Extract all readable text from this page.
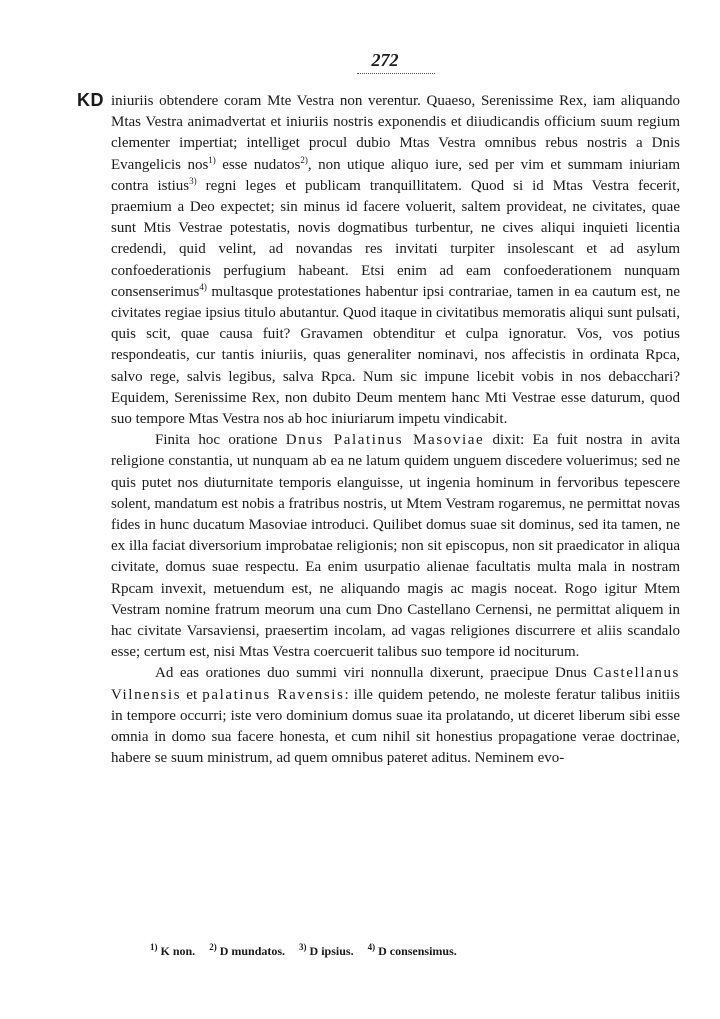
272
KD iniuriis obtendere coram Mte Vestra non verentur. Quaeso, Serenissime Rex, iam aliquando Mtas Vestra animadvertat et iniuriis nostris exponendis et diiudicandis officium suum regium clementer impertiat; intelliget procul dubio Mtas Vestra omnibus rebus nostris a Dnis Evangelicis nos$^{1)}$ esse nudatos$^{2)}$, non utique aliquo iure, sed per vim et summam iniuriam contra istius$^{3)}$ regni leges et publicam tranquillitatem. Quod si id Mtas Vestra fecerit, praemium a Deo expectet; sin minus id facere voluerit, saltem provideat, ne civitates, quae sunt Mtis Vestrae potestatis, novis dogmatibus turbentur, ne cives aliqui inquieti licentia credendi, quid velint, ad novandas res invitati turpiter insolescant et ad asylum confoederationis perfugium habeant. Etsi enim ad eam confoederationem nunquam consenserimus$^{4)}$ multasque protestationes habentur ipsi contrariae, tamen in ea cautum est, ne civitates regiae ipsius titulo abutantur. Quod itaque in civitatibus memoratis aliqui sunt pulsati, quis scit, quae causa fuit? Gravamen obtenditur et culpa ignoratur. Vos, vos potius respondeatis, cur tantis iniuriis, quas generaliter nominavi, nos affecistis in ordinata Rpca, salvo rege, salvis legibus, salva Rpca. Num sic impune licebit vobis in nos debacchari? Equidem, Serenissime Rex, non dubito Deum mentem hanc Mti Vestrae esse daturum, quod suo tempore Mtas Vestra nos ab hoc iniuriarum impetu vindicabit.

Finita hoc oratione Dnus Palatinus Masoviae dixit: Ea fuit nostra in avita religione constantia, ut nunquam ab ea ne latum quidem unguem discedere voluerimus; sed ne quis putet nos diuturnitate temporis elanguisse, ut ingenia hominum in fervoribus tepescere solent, mandatum est nobis a fratribus nostris, ut Mtem Vestram rogaremus, ne permittat novas fides in hunc ducatum Masoviae introduci. Quilibet domus suae sit dominus, sed ita tamen, ne ex illa faciat diversorium improbatae religionis; non sit episcopus, non sit praedicator in aliqua civitate, domus suae respectu. Ea enim usurpatio alienae facultatis multa mala in nostram Rpcam invexit, metuendum est, ne aliquando magis ac magis noceat. Rogo igitur Mtem Vestram nomine fratrum meorum una cum Dno Castellano Cernensi, ne permittat aliquem in hac civitate Varsaviensi, praesertim incolam, ad vagas religiones discurrere et aliis scandalo esse; certum est, nisi Mtas Vestra coercuerit talibus suo tempore id nociturum.

Ad eas orationes duo summi viri nonnulla dixerunt, praecipue Dnus Castellanus Vilnensis et palatinus Ravensis: ille quidem petendo, ne moleste feratur talibus initiis in tempore occurri; iste vero dominium domus suae ita prolatando, ut diceret liberum sibi esse omnia in domo sua facere honesta, et cum nihil sit honestius propagatione verae doctrinae, habere se suum ministrum, ad quem omnibus pateret aditus. Neminem evo-

$^{1)}$ K non. $^{2)}$ D mundatos. $^{3)}$ D ipsius. $^{4)}$ D consensimus.
